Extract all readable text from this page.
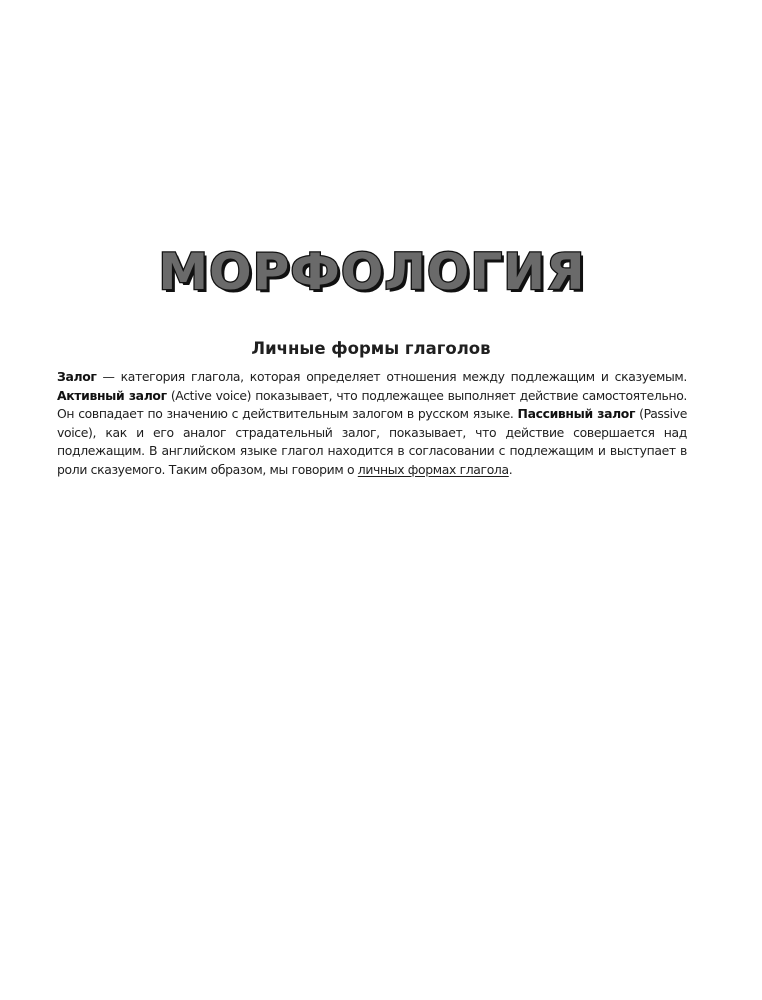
МОРФОЛОГИЯ
Личные формы глаголов

Залог — категория глагола, которая определяет отношения между подлежащим и сказуемым. Активный залог (Active voice) показывает, что подлежащее выполняет действие самостоятельно. Он совпадает по значению с действительным залогом в русском языке. Пассивный залог (Passive voice), как и его аналог страдательный залог, показывает, что действие совершается над подлежащим. В английском языке глагол находится в согласовании с подлежащим и выступает в роли сказуемого. Таким образом, мы говорим о личных формах глагола.
